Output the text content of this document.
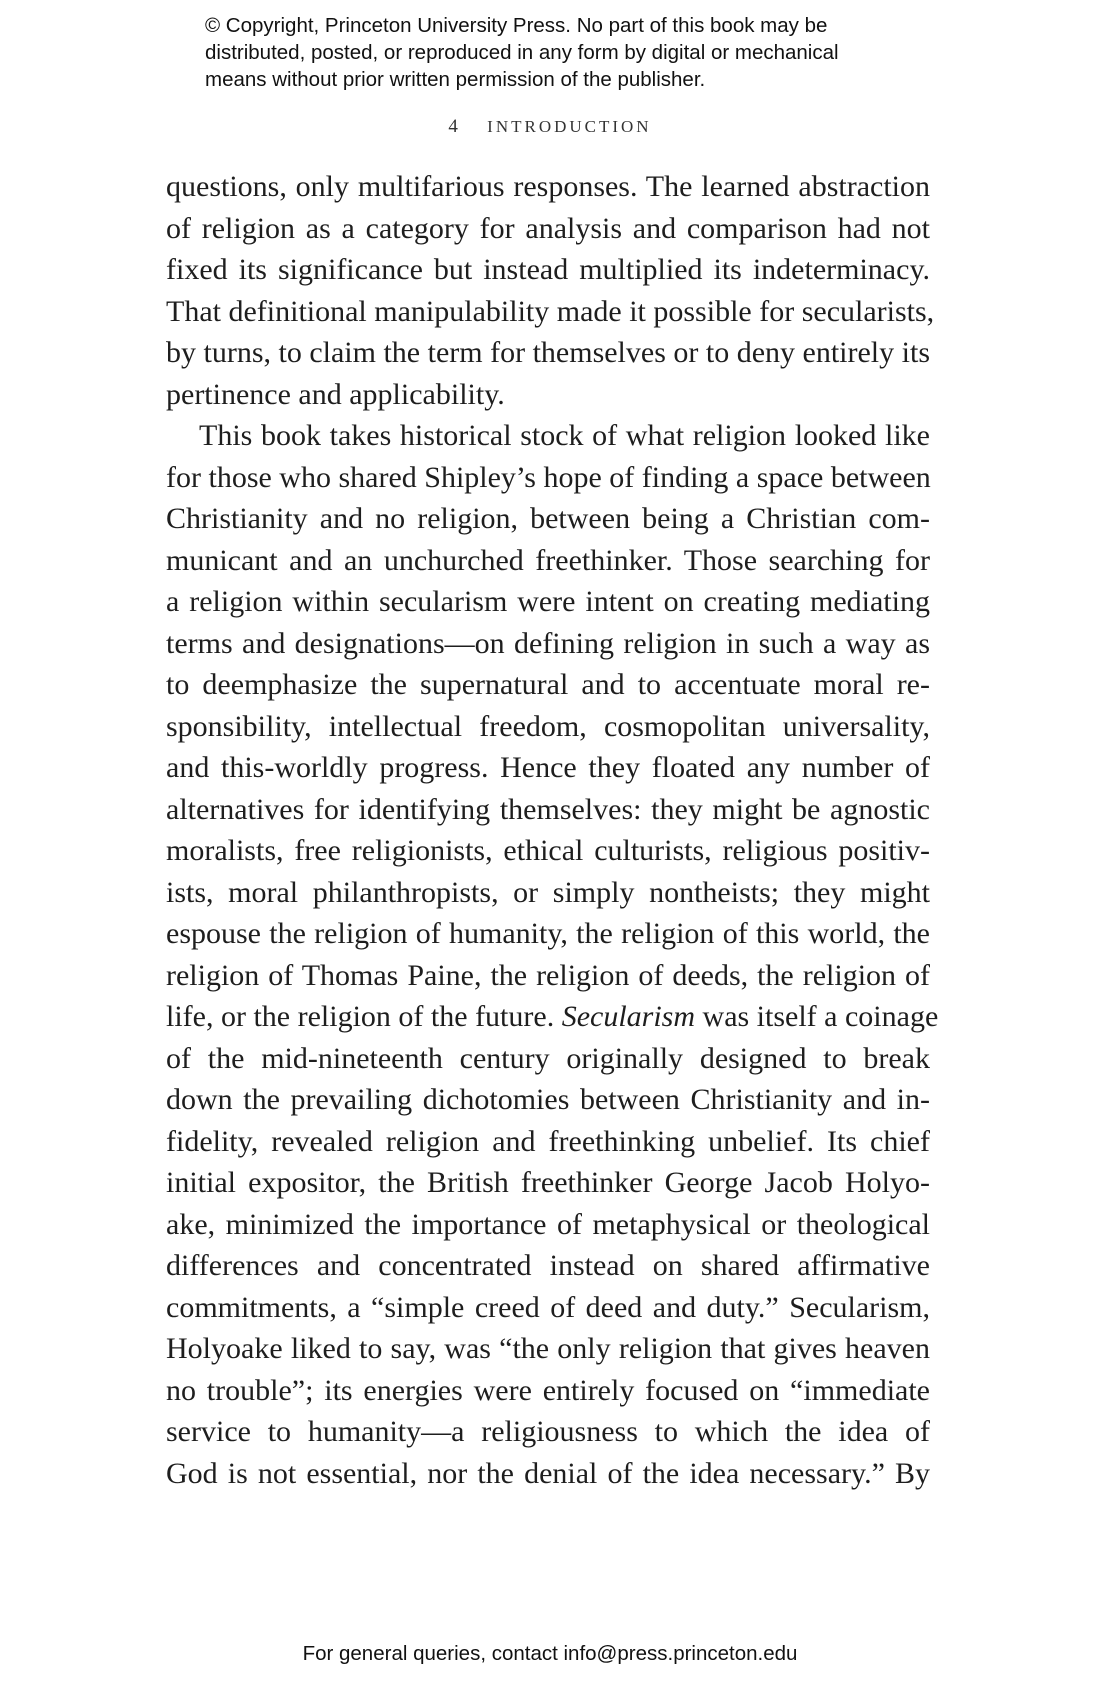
© Copyright, Princeton University Press. No part of this book may be
distributed, posted, or reproduced in any form by digital or mechanical
means without prior written permission of the publisher.
4 INTRODUCTION
questions, only multifarious responses. The learned abstraction
of religion as a category for analysis and comparison had not
fixed its significance but instead multiplied its indeterminacy.
That definitional manipulability made it possible for secularists,
by turns, to claim the term for themselves or to deny entirely its
pertinence and applicability.
This book takes historical stock of what religion looked like
for those who shared Shipley’s hope of finding a space between
Christianity and no religion, between being a Christian com-
municant and an unchurched freethinker. Those searching for
a religion within secularism were intent on creating mediating
terms and designations—on defining religion in such a way as
to deemphasize the supernatural and to accentuate moral re-
sponsibility, intellectual freedom, cosmopolitan universality,
and this-worldly progress. Hence they floated any number of
alternatives for identifying themselves: they might be agnostic
moralists, free religionists, ethical culturists, religious positiv-
ists, moral philanthropists, or simply nontheists; they might
espouse the religion of humanity, the religion of this world, the
religion of Thomas Paine, the religion of deeds, the religion of
life, or the religion of the future. Secularism was itself a coinage
of the mid-nineteenth century originally designed to break
down the prevailing dichotomies between Christianity and in-
fidelity, revealed religion and freethinking unbelief. Its chief
initial expositor, the British freethinker George Jacob Holyo-
ake, minimized the importance of metaphysical or theological
differences and concentrated instead on shared affirmative
commitments, a “simple creed of deed and duty.” Secularism,
Holyoake liked to say, was “the only religion that gives heaven
no trouble”; its energies were entirely focused on “immediate
service to humanity—a religiousness to which the idea of
God is not essential, nor the denial of the idea necessary.” By
For general queries, contact info@press.princeton.edu
